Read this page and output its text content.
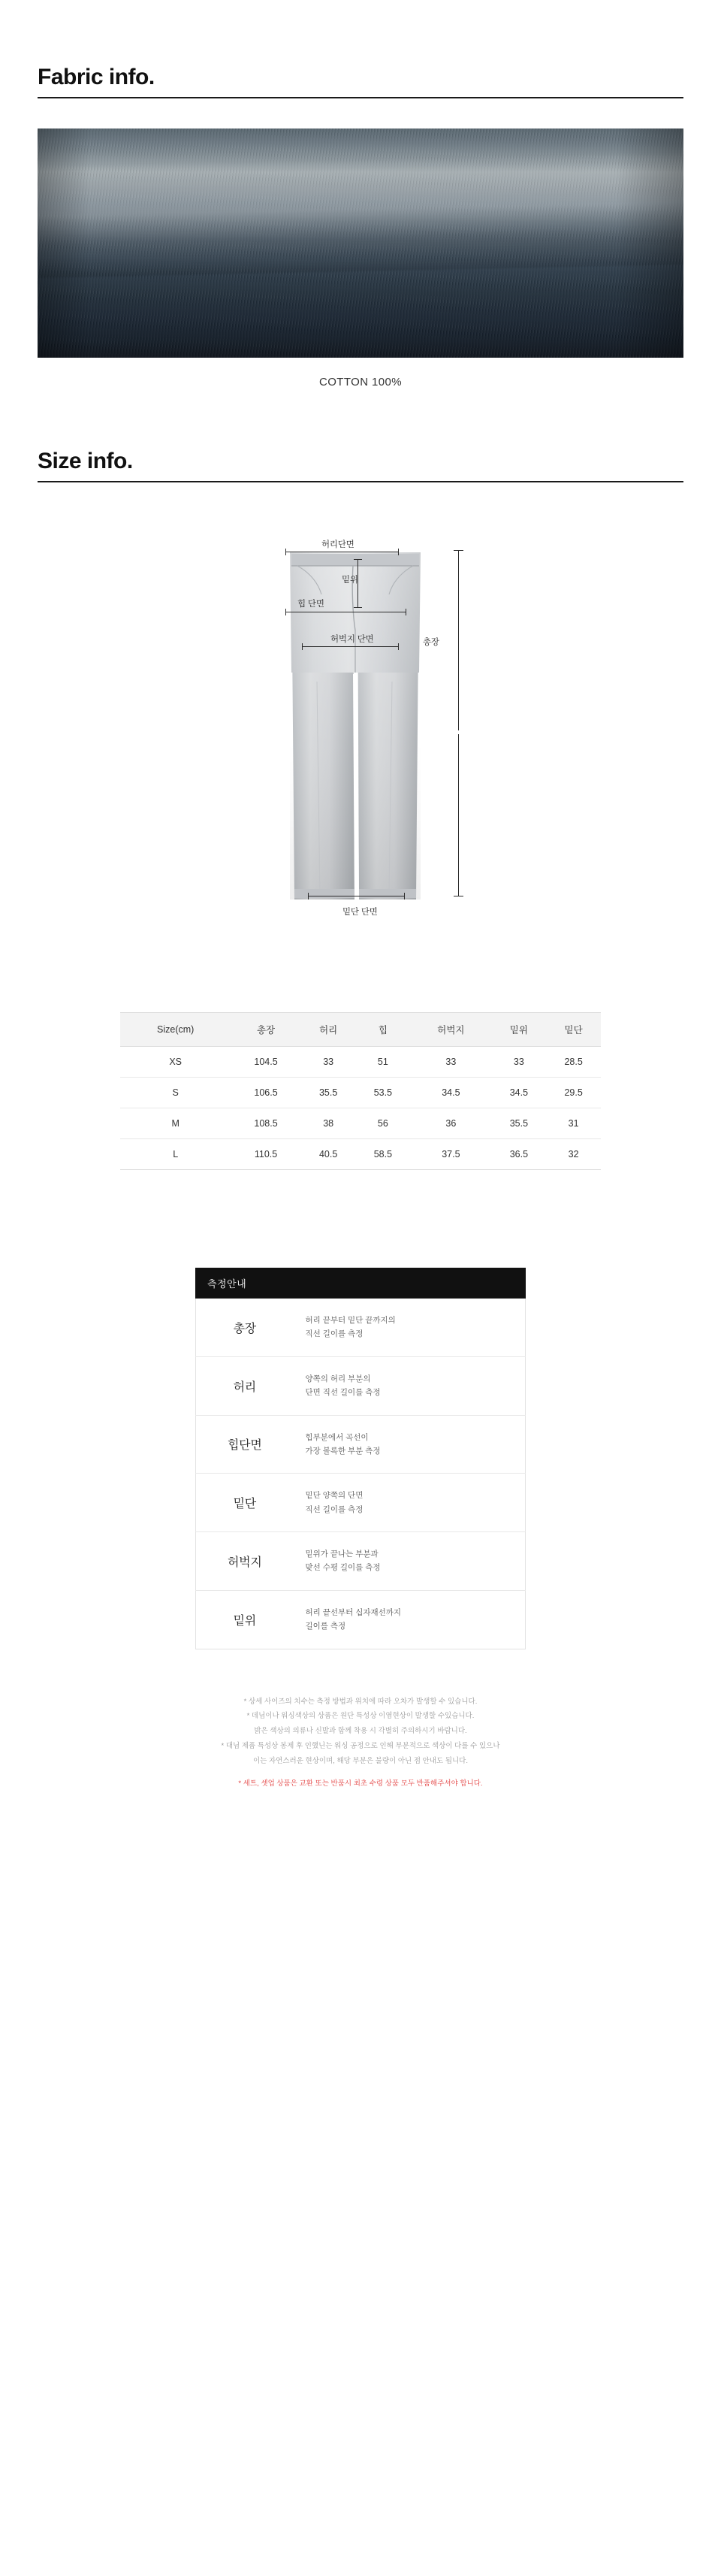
Fabric info.
COTTON 100%
Size info.
허리단면
밑위
힙 단면
허벅지 단면	총장
밑단 단면
Size(cm)	총장	허리	힙	허벅지	밑위	밑단
XS	104.5	33	51	33	33	28.5
S	106.5	35.5	53.5	34.5	34.5	29.5
M	108.5	38	56	36	35.5	31
L	110.5	40.5	58.5	37.5	36.5	32
측정안내
총장	허리 끝부터 밑단 끝까지의
직선 길이를 측정

허리	양쪽의 허리 부분의
단면 직선 길이를 측정

힙단면	힙부분에서 곡선이
가장 볼록한 부분 측정

밑단	밑단 양쪽의 단면
직선 길이를 측정

허벅지	밑위가 끝나는 부분과
맞선 수평 길이를 측정

밑위	허리 끝선부터 십자재선까지
길이를 측정

* 상세 사이즈의 치수는 측정 방법과 위치에 따라 오차가 발생할 수 있습니다.

* 데님이나 워싱색상의 상품은 원단 특성상 이염현상이 발생할 수있습니다.

밝은 색상의 의류나 신발과 함께 착용 시 각별히 주의하시기 바랍니다.

* 대님 제품 특성상 봉제 후 인했닌는 워싱 공정으로 인해 부분적으로 색상이 다를 수 있으나

이는 자연스러운 현상이며, 해당 부분은 불량이 아닌 점 안내도 됩니다.

* 세트, 셋업 상품은 교환 또는 반품시 최초 수령 상품 모두 반품해주셔야 합니다.
